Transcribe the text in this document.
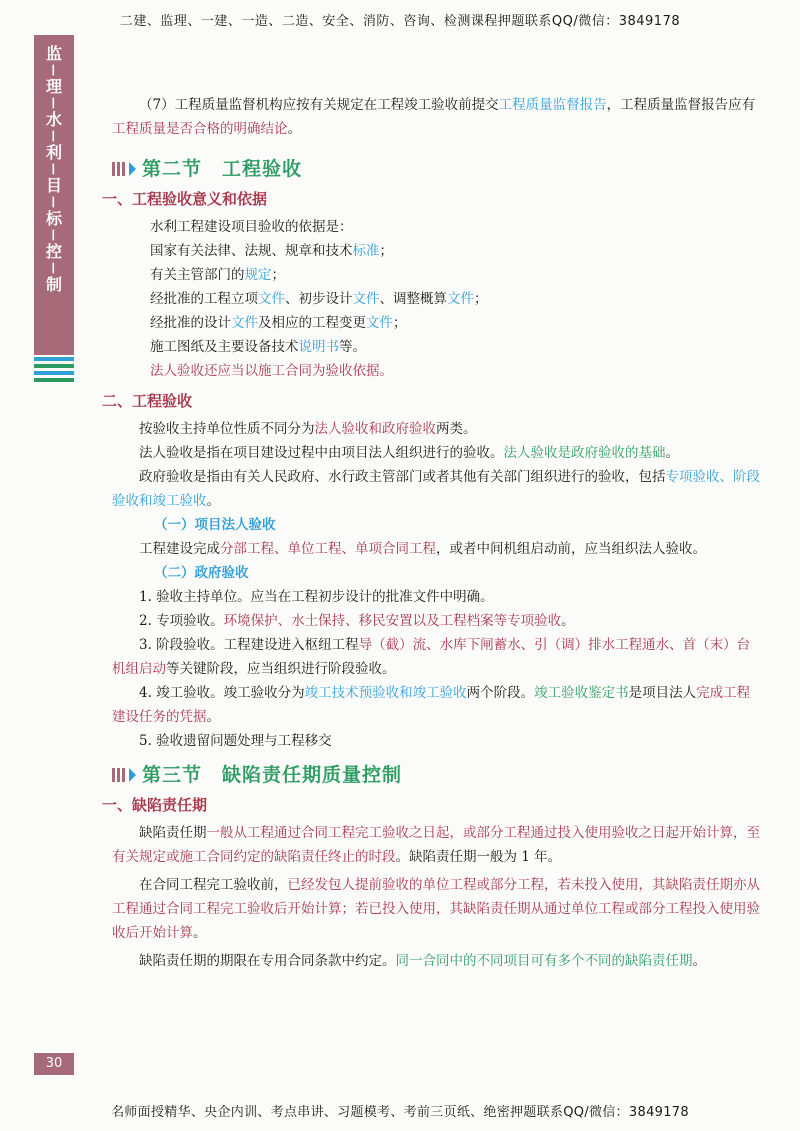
二建、监理、一建、一造、二造、安全、消防、咨询、检测课程押题联系QQ/微信：3849178
监
—
理
—
水
—
利
—
目
—
标
—
控
—
制

（7）工程质量监督机构应按有关规定在工程竣工验收前提交工程质量监督报告，工程质量监督报告应有工程质量是否合格的明确结论。

第二节　工程验收
一、工程验收意义和依据

水利工程建设项目验收的依据是：

国家有关法律、法规、规章和技术标准；

有关主管部门的规定；

经批准的工程立项文件、初步设计文件、调整概算文件；

经批准的设计文件及相应的工程变更文件；

施工图纸及主要设备技术说明书等。

法人验收还应当以施工合同为验收依据。

二、工程验收

按验收主持单位性质不同分为法人验收和政府验收两类。

法人验收是指在项目建设过程中由项目法人组织进行的验收。法人验收是政府验收的基础。

政府验收是指由有关人民政府、水行政主管部门或者其他有关部门组织进行的验收，包括专项验收、阶段验收和竣工验收。

（一）项目法人验收

工程建设完成分部工程、单位工程、单项合同工程，或者中间机组启动前，应当组织法人验收。

（二）政府验收

1. 验收主持单位。应当在工程初步设计的批准文件中明确。

2. 专项验收。环境保护、水土保持、移民安置以及工程档案等专项验收。

3. 阶段验收。工程建设进入枢纽工程导（截）流、水库下闸蓄水、引（调）排水工程通水、首（末）台机组启动等关键阶段，应当组织进行阶段验收。

4. 竣工验收。竣工验收分为竣工技术预验收和竣工验收两个阶段。竣工验收鉴定书是项目法人完成工程建设任务的凭据。

5. 验收遗留问题处理与工程移交

第三节　缺陷责任期质量控制
一、缺陷责任期

缺陷责任期一般从工程通过合同工程完工验收之日起，或部分工程通过投入使用验收之日起开始计算，至有关规定或施工合同约定的缺陷责任终止的时段。缺陷责任期一般为 1 年。

在合同工程完工验收前，已经发包人提前验收的单位工程或部分工程，若未投入使用，其缺陷责任期亦从工程通过合同工程完工验收后开始计算；若已投入使用，其缺陷责任期从通过单位工程或部分工程投入使用验收后开始计算。

缺陷责任期的期限在专用合同条款中约定。同一合同中的不同项目可有多个不同的缺陷责任期。

30
名师面授精华、央企内训、考点串讲、习题模考、考前三页纸、绝密押题联系QQ/微信：3849178
